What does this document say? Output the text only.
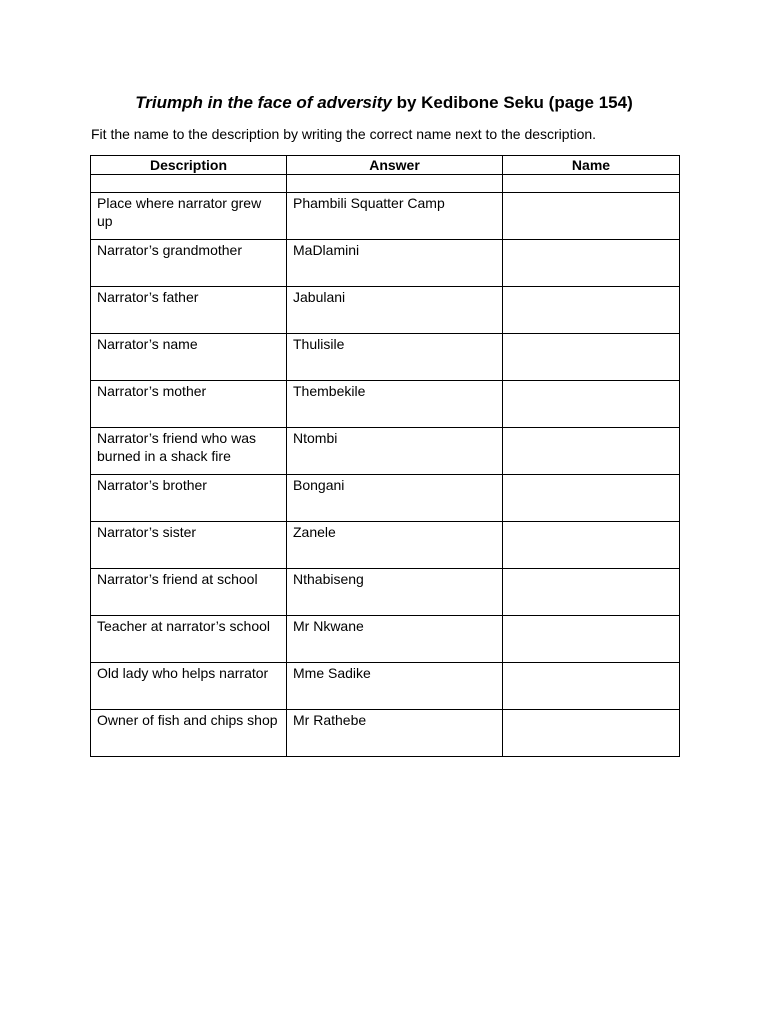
Triumph in the face of adversity by Kedibone Seku (page 154)
Fit the name to the description by writing the correct name next to the description.
Description	Answer	Name

Place where narrator grew up	Phambili Squatter Camp	

Narrator’s grandmother	MaDlamini	

Narrator’s father	Jabulani	

Narrator’s name	Thulisile	

Narrator’s mother	Thembekile	

Narrator’s friend who was burned in a shack fire	Ntombi	

Narrator’s brother	Bongani	

Narrator’s sister	Zanele	

Narrator’s friend at school	Nthabiseng	

Teacher at narrator’s school	Mr Nkwane	

Old lady who helps narrator	Mme Sadike	

Owner of fish and chips shop	Mr Rathebe	
